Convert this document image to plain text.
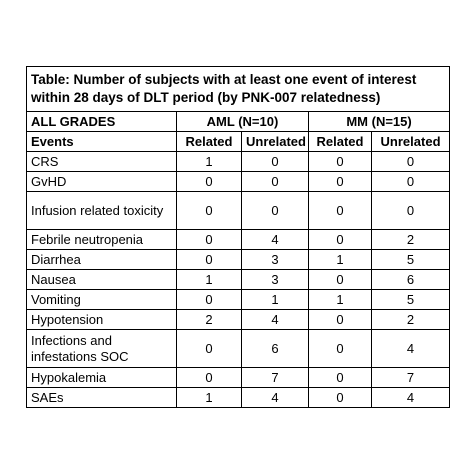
Table: Number of subjects with at least one event of interest within 28 days of DLT period (by PNK-007 relatedness)				
ALL GRADES	AML (N=10)		MM (N=15)	
Events	Related	Unrelated	Related	Unrelated
CRS	1	0	0	0
GvHD	0	0	0	0
Infusion related toxicity	0	0	0	0
Febrile neutropenia	0	4	0	2
Diarrhea	0	3	1	5
Nausea	1	3	0	6
Vomiting	0	1	1	5
Hypotension	2	4	0	2
Infections and infestations SOC	0	6	0	4
Hypokalemia	0	7	0	7
SAEs	1	4	0	4
